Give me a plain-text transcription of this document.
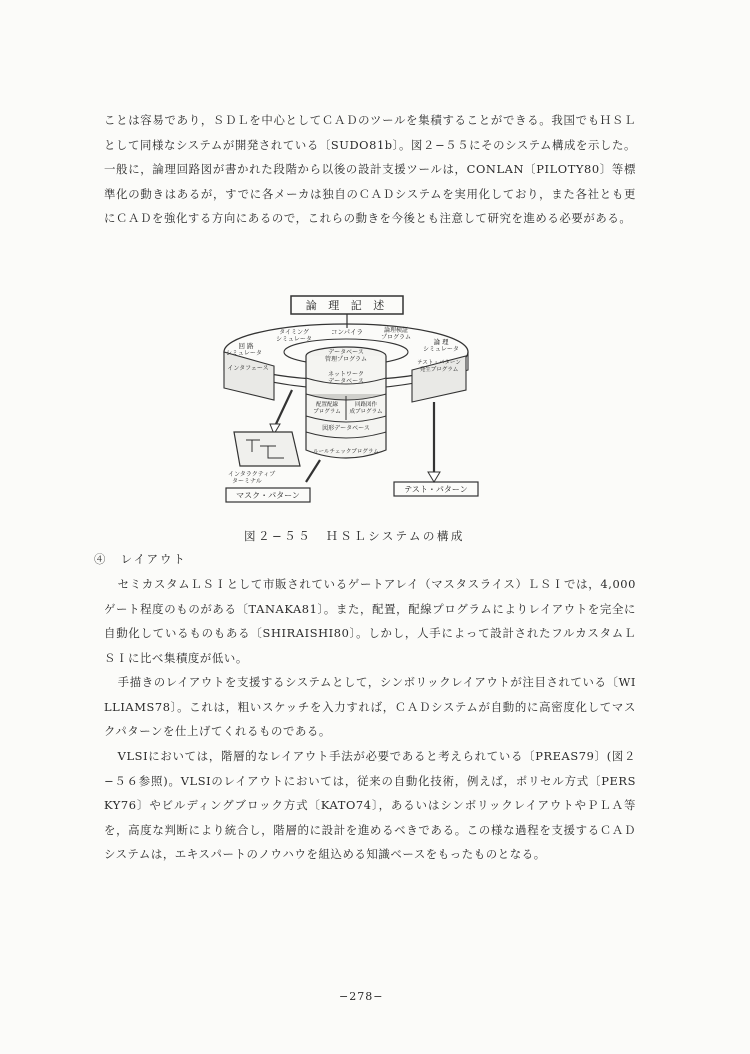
ことは容易であり，ＳＤＬを中心としてＣＡＤのツールを集積することができる。我国でもＨＳＬとして同様なシステムが開発されている〔SUDO81b〕。図２−５５にそのシステム構成を示した。一般に，論理回路図が書かれた段階から以後の設計支援ツールは，CONLAN〔PILOTY80〕等標準化の動きはあるが，すでに各メーカは独自のＣＡＤシステムを実用化しており，また各社とも更にＣＡＤを強化する方向にあるので，これらの動きを今後とも注意して研究を進める必要がある。

論 理 記 述
コンパイラ
タイミング
シミュレータ
論理検証
プログラム
回 路
シミュレータ
論 理
シミュレータ
インタフェース
テスト・パターン
発生プログラム
データベース
管理プログラム
ネットワーク
データベース
配置配線
プログラム
回路図作
成プログラム
図形データベース
ルールチェックプログラム
インタラクティブ
ターミナル
マスク・パターン
テスト・パターン

図２−５５　ＨＳＬシステムの構成

④　レイアウト

セミカスタムＬＳＩとして市販されているゲートアレイ（マスタスライス）ＬＳＩでは，4,000ゲート程度のものがある〔TANAKA81〕。また，配置，配線プログラムによりレイアウトを完全に自動化しているものもある〔SHIRAISHI80〕。しかし，人手によって設計されたフルカスタムＬＳＩに比べ集積度が低い。

手描きのレイアウトを支援するシステムとして，シンボリックレイアウトが注目されている〔WILLIAMS78〕。これは，粗いスケッチを入力すれば，ＣＡＤシステムが自動的に高密度化してマスクパターンを仕上げてくれるものである。

VLSIにおいては，階層的なレイアウト手法が必要であると考えられている〔PREAS79〕(図２−５６参照)。VLSIのレイアウトにおいては，従来の自動化技術，例えば，ポリセル方式〔PERSKY76〕やビルディングブロック方式〔KATO74〕，あるいはシンボリックレイアウトやＰＬＡ等を，高度な判断により統合し，階層的に設計を進めるべきである。この様な過程を支援するＣＡＤシステムは，エキスパートのノウハウを組込める知識ベースをもったものとなる。

−278−
